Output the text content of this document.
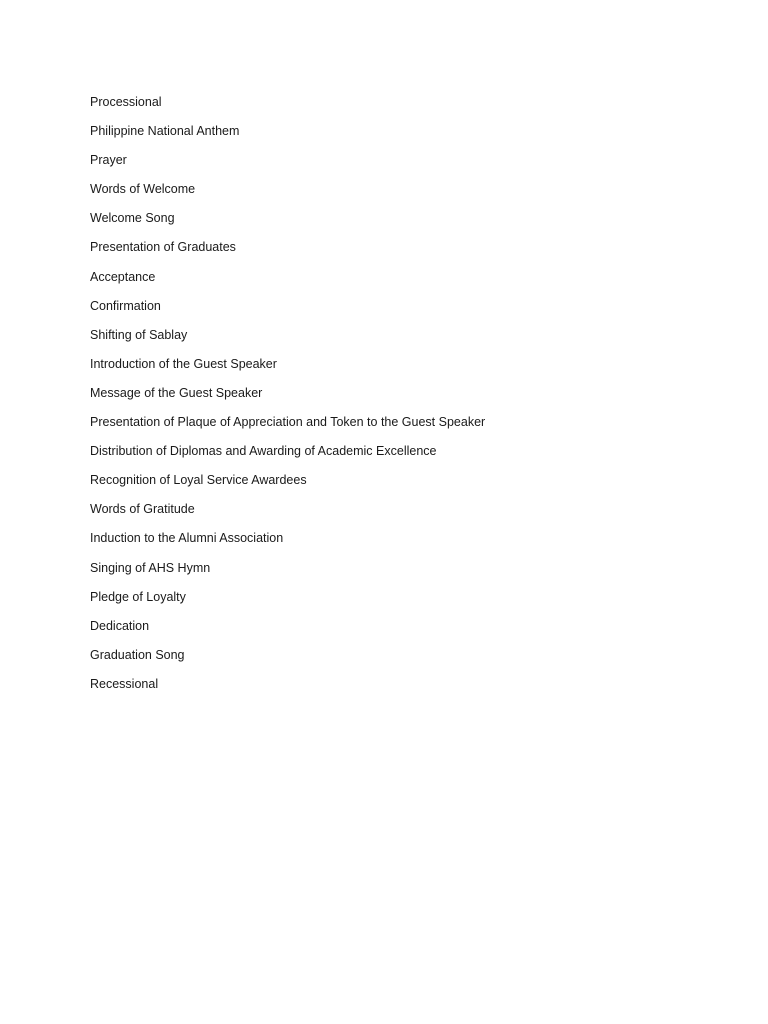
Processional
Philippine National Anthem
Prayer
Words of Welcome
Welcome Song
Presentation of Graduates
Acceptance
Confirmation
Shifting of Sablay
Introduction of the Guest Speaker
Message of the Guest Speaker
Presentation of Plaque of Appreciation and Token to the Guest Speaker
Distribution of Diplomas and Awarding of Academic Excellence
Recognition of Loyal Service Awardees
Words of Gratitude
Induction to the Alumni Association
Singing of AHS Hymn
Pledge of Loyalty
Dedication
Graduation Song
Recessional
